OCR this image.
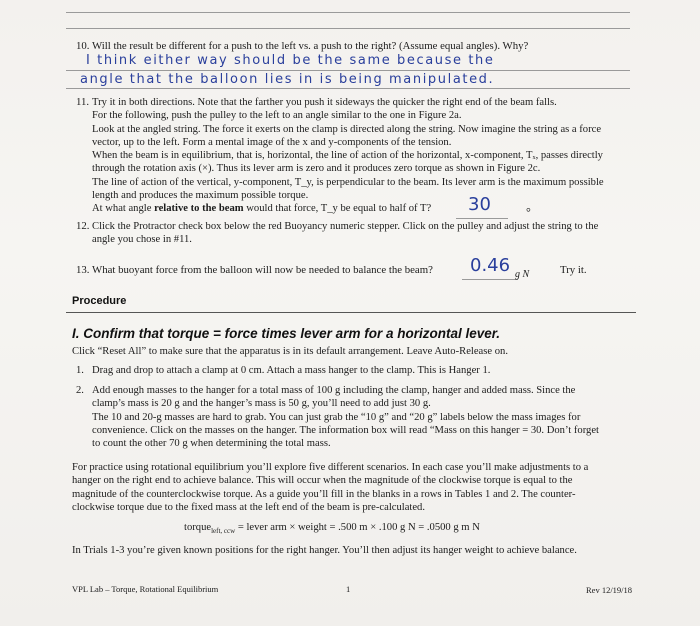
10. Will the result be different for a push to the left vs. a push to the right? (Assume equal angles). Why?
I think either way should be the same because the
angle that the balloon lies in is being manipulated.
11. Try it in both directions. Note that the farther you push it sideways the quicker the right end of the beam falls.
For the following, push the pulley to the left to an angle similar to the one in Figure 2a.
Look at the angled string. The force it exerts on the clamp is directed along the string. Now imagine the string as a force
vector, up to the left. Form a mental image of the x and y-components of the tension.
When the beam is in equilibrium, that is, horizontal, the line of action of the horizontal, x-component, Tₓ, passes directly
through the rotation axis (×). Thus its lever arm is zero and it produces zero torque as shown in Figure 2c.
The line of action of the vertical, y-component, T_y, is perpendicular to the beam. Its lever arm is the maximum possible
length and produces the maximum possible torque.
At what angle relative to the beam would that force, T_y be equal to half of T?	30	°
12. Click the Protractor check box below the red Buoyancy numeric stepper. Click on the pulley and adjust the string to the
angle you chose in #11.
13. What buoyant force from the balloon will now be needed to balance the beam? 0.46 g N	Try it.
Procedure
I. Confirm that torque = force times lever arm for a horizontal lever.
Click “Reset All” to make sure that the apparatus is in its default arrangement. Leave Auto-Release on.
1. Drag and drop to attach a clamp at 0 cm. Attach a mass hanger to the clamp. This is Hanger 1.
2. Add enough masses to the hanger for a total mass of 100 g including the clamp, hanger and added mass. Since the
clamp’s mass is 20 g and the hanger’s mass is 50 g, you’ll need to add just 30 g.
The 10 and 20-g masses are hard to grab. You can just grab the “10 g” and “20 g” labels below the mass images for
convenience. Click on the masses on the hanger. The information box will read “Mass on this hanger = 30. Don’t forget
to count the other 70 g when determining the total mass.
For practice using rotational equilibrium you’ll explore five different scenarios. In each case you’ll make adjustments to a
hanger on the right end to achieve balance. This will occur when the magnitude of the clockwise torque is equal to the
magnitude of the counterclockwise torque. As a guide you’ll fill in the blanks in a rows in Tables 1 and 2. The counter-
clockwise torque due to the fixed mass at the left end of the beam is pre-calculated.
torque$_{left, ccw}$ = lever arm × weight = .500 m × .100 g N = .0500 g m N
In Trials 1-3 you’re given known positions for the right hanger. You’ll then adjust its hanger weight to achieve balance.
VPL Lab – Torque, Rotational Equilibrium	1	Rev 12/19/18
